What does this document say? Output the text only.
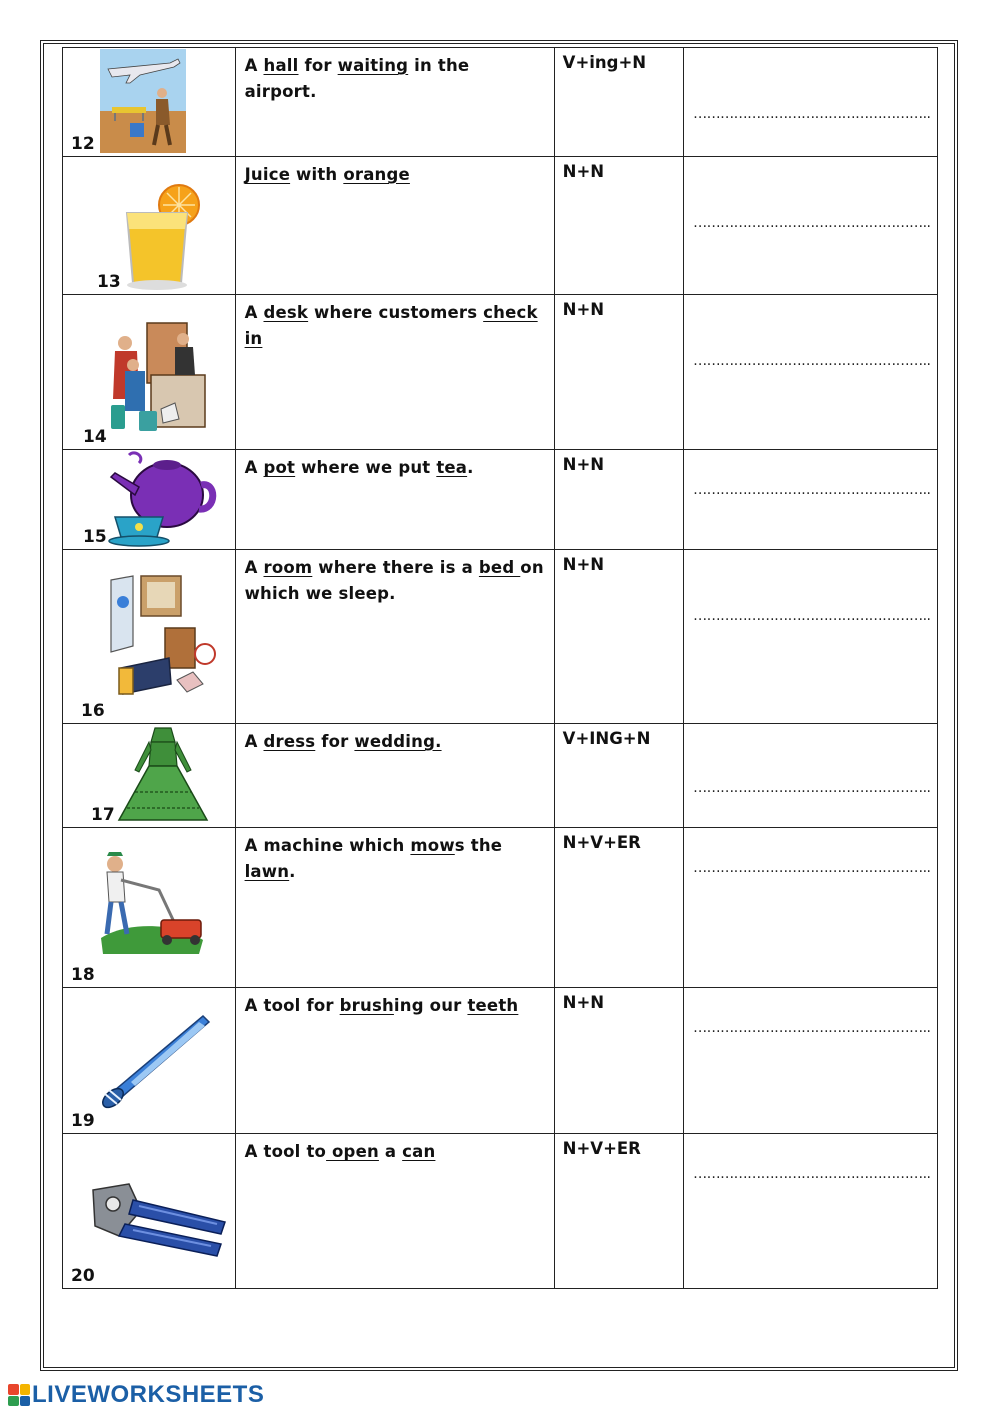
12	A hall for waiting in the airport.	V+ing+N	……………………………………………..

13	Juice with orange	N+N	……………………………………………..

14	A desk where customers check in	N+N	……………………………………………..

15	A pot where we put tea.	N+N	……………………………………………..

16	A room where there is a bed on which we sleep.	N+N	……………………………………………..

17	A dress for wedding.	V+ING+N	……………………………………………..

18	A machine which mows the lawn.	N+V+ER	……………………………………………..

19	A tool for brushing our teeth	N+N	……………………………………………..

20	A tool to open a can	N+V+ER	……………………………………………..
LIVEWORKSHEETS
